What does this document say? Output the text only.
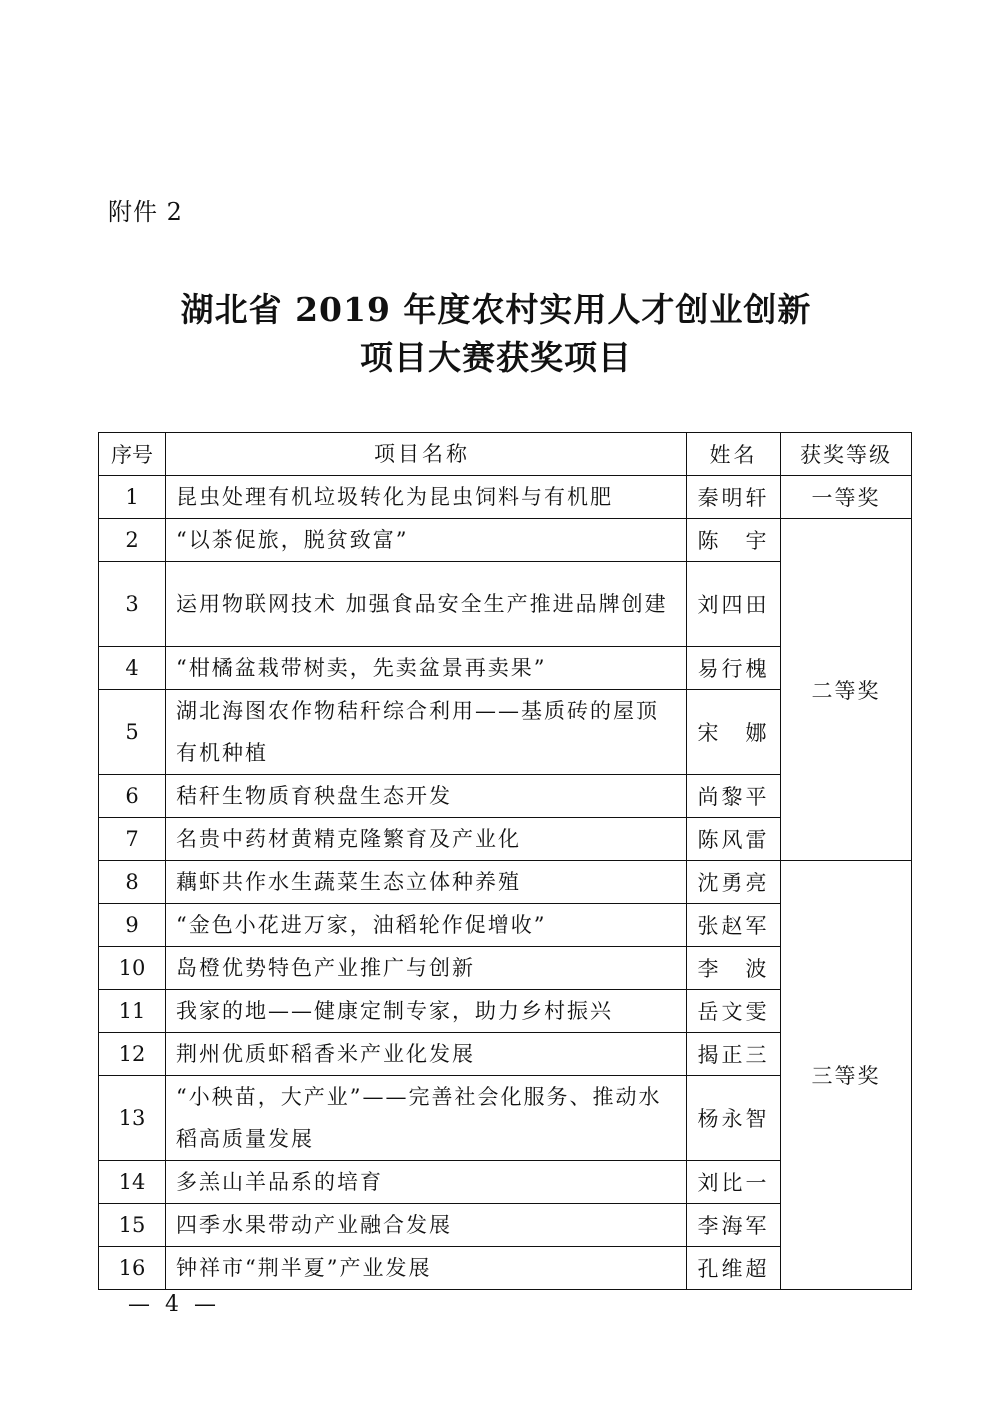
附件 2
湖北省 2019 年度农村实用人才创业创新
项目大赛获奖项目
序号	项目名称	姓名	获奖等级
1	昆虫处理有机垃圾转化为昆虫饲料与有机肥	秦明轩	一等奖
2	“以茶促旅，脱贫致富”	陈　宇	二等奖
3	运用物联网技术 加强食品安全生产推进品牌创建	刘四田	
4	“柑橘盆栽带树卖，先卖盆景再卖果”	易行槐	
5	湖北海图农作物秸秆综合利用——基质砖的屋顶有机种植	宋　娜	
6	秸秆生物质育秧盘生态开发	尚黎平	
7	名贵中药材黄精克隆繁育及产业化	陈风雷	
8	藕虾共作水生蔬菜生态立体种养殖	沈勇亮	三等奖
9	“金色小花进万家，油稻轮作促增收”	张赵军	
10	岛橙优势特色产业推广与创新	李　波	
11	我家的地——健康定制专家，助力乡村振兴	岳文雯	
12	荆州优质虾稻香米产业化发展	揭正三	
13	“小秧苗，大产业”——完善社会化服务、推动水稻高质量发展	杨永智	
14	多羔山羊品系的培育	刘比一	
15	四季水果带动产业融合发展	李海军	
16	钟祥市“荆半夏”产业发展	孔维超	
— 4 —
